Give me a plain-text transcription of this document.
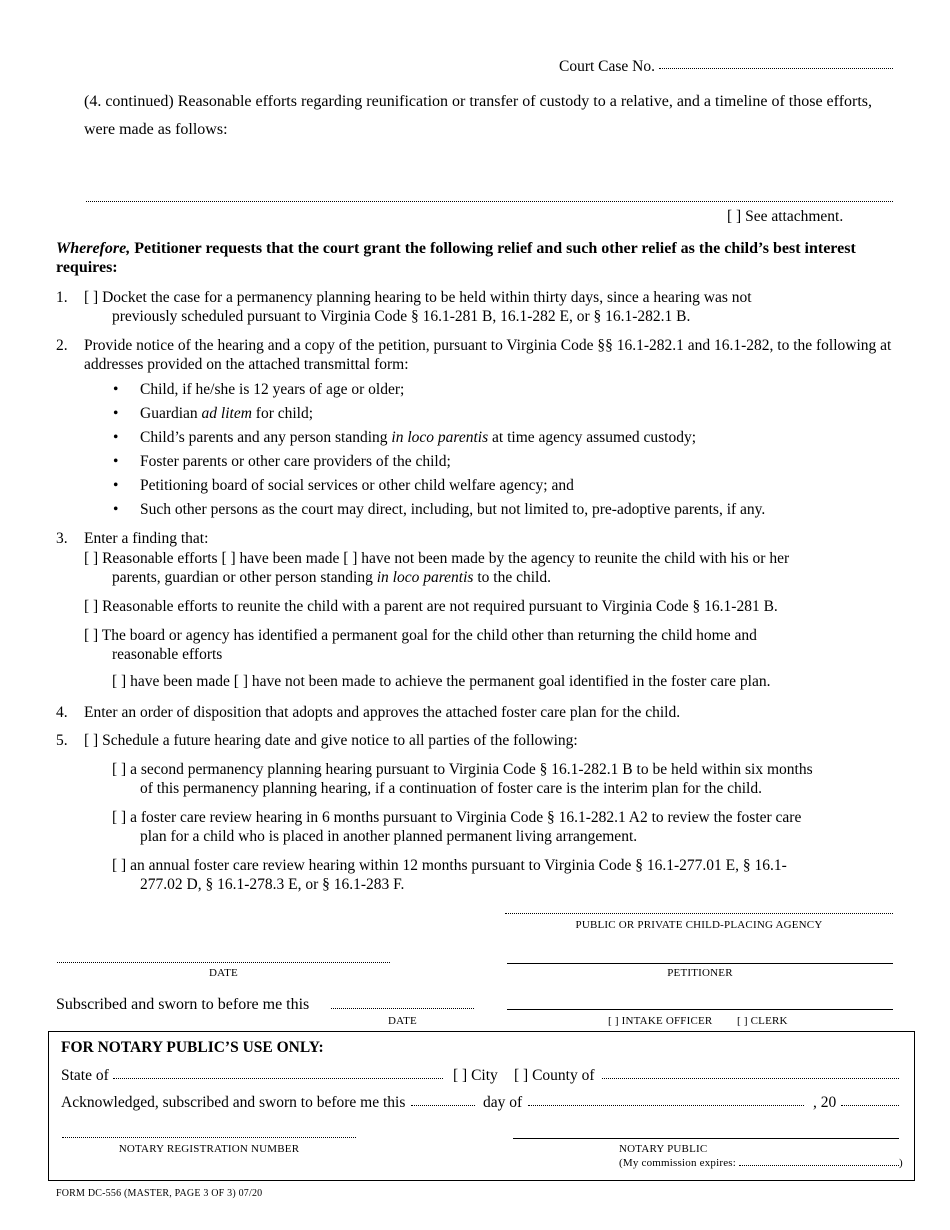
Court Case No.
(4. continued) Reasonable efforts regarding reunification or transfer of custody to a relative, and a timeline of those efforts, were made as follows:
[ ] See attachment.
Wherefore, Petitioner requests that the court grant the following relief and such other relief as the child’s best interest requires:
1. [ ] Docket the case for a permanency planning hearing to be held within thirty days, since a hearing was not
previously scheduled pursuant to Virginia Code § 16.1-281 B, 16.1-282 E, or § 16.1-282.1 B.
2. Provide notice of the hearing and a copy of the petition, pursuant to Virginia Code §§ 16.1-282.1 and 16.1-282, to the following at addresses provided on the attached transmittal form:
• Child, if he/she is 12 years of age or older;
• Guardian ad litem for child;
• Child’s parents and any person standing in loco parentis at time agency assumed custody;
• Foster parents or other care providers of the child;
• Petitioning board of social services or other child welfare agency; and
• Such other persons as the court may direct, including, but not limited to, pre-adoptive parents, if any.
3. Enter a finding that:
[ ] Reasonable efforts [ ] have been made [ ] have not been made by the agency to reunite the child with his or her
parents, guardian or other person standing in loco parentis to the child.
[ ] Reasonable efforts to reunite the child with a parent are not required pursuant to Virginia Code § 16.1-281 B.
[ ] The board or agency has identified a permanent goal for the child other than returning the child home and
reasonable efforts
[ ] have been made [ ] have not been made to achieve the permanent goal identified in the foster care plan.
4. Enter an order of disposition that adopts and approves the attached foster care plan for the child.
5. [ ] Schedule a future hearing date and give notice to all parties of the following:
[ ] a second permanency planning hearing pursuant to Virginia Code § 16.1-282.1 B to be held within six months
of this permanency planning hearing, if a continuation of foster care is the interim plan for the child.
[ ] a foster care review hearing in 6 months pursuant to Virginia Code § 16.1-282.1 A2 to review the foster care
plan for a child who is placed in another planned permanent living arrangement.
[ ] an annual foster care review hearing within 12 months pursuant to Virginia Code § 16.1-277.01 E, § 16.1-
277.02 D, § 16.1-278.3 E, or § 16.1-283 F.
PUBLIC OR PRIVATE CHILD-PLACING AGENCY
DATE	PETITIONER
Subscribed and sworn to before me this
DATE	[ ] INTAKE OFFICER [ ] CLERK
FOR NOTARY PUBLIC’S USE ONLY:
State of	[ ] City [ ] County of
Acknowledged, subscribed and sworn to before me this	day of	, 20
NOTARY REGISTRATION NUMBER	NOTARY PUBLIC
(My commission expires:	)
FORM DC-556 (MASTER, PAGE 3 OF 3) 07/20
